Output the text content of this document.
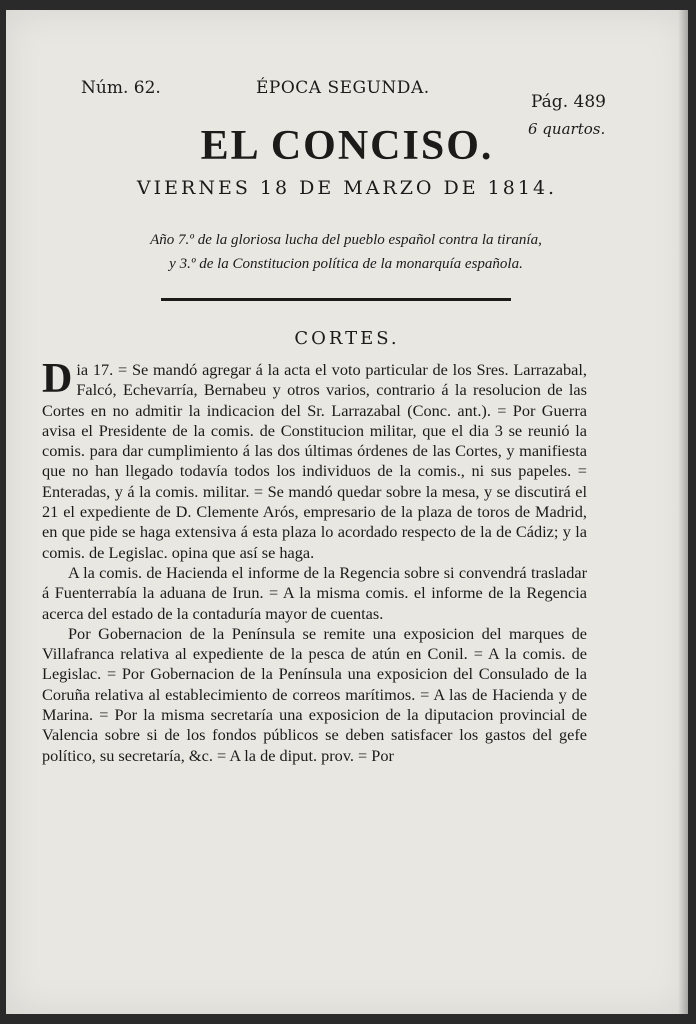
Núm. 62.	ÉPOCA SEGUNDA.
Pág. 489
6 quartos.
EL CONCISO.
VIERNES 18 DE MARZO DE 1814.
Año 7.º de la gloriosa lucha del pueblo español contra la tiranía,
y 3.º de la Constitucion política de la monarquía española.
CORTES.

Dia 17. = Se mandó agregar á la acta el voto particular de los Sres. Larrazabal, Falcó, Echevarría, Bernabeu y otros varios, contrario á la resolucion de las Cortes en no admitir la indicacion del Sr. Larrazabal (Conc. ant.). = Por Guerra avisa el Presidente de la comis. de Constitucion militar, que el dia 3 se reunió la comis. para dar cumplimiento á las dos últimas órdenes de las Cortes, y manifiesta que no han llegado todavía todos los individuos de la comis., ni sus papeles. = Enteradas, y á la comis. militar. = Se mandó quedar sobre la mesa, y se discutirá el 21 el expediente de D. Clemente Arós, empresario de la plaza de toros de Madrid, en que pide se haga extensiva á esta plaza lo acordado respecto de la de Cádiz; y la comis. de Legislac. opina que así se haga.

A la comis. de Hacienda el informe de la Regencia sobre si convendrá trasladar á Fuenterrabía la aduana de Irun. = A la misma comis. el informe de la Regencia acerca del estado de la contaduría mayor de cuentas.

Por Gobernacion de la Península se remite una exposicion del marques de Villafranca relativa al expediente de la pesca de atún en Conil. = A la comis. de Legislac. = Por Gobernacion de la Península una exposicion del Consulado de la Coruña relativa al establecimiento de correos marítimos. = A las de Hacienda y de Marina. = Por la misma secretaría una exposicion de la diputacion provincial de Valencia sobre si de los fondos públicos se deben satisfacer los gastos del gefe político, su secretaría, &c. = A la de diput. prov. = Por
